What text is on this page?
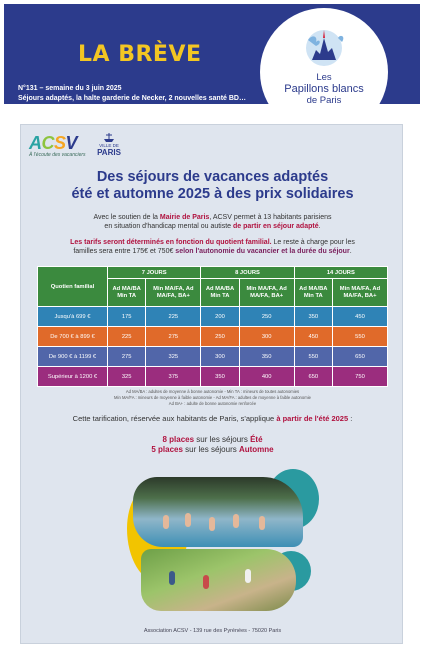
LA BRÈVE
N°131 – semaine du 3 juin 2025
Séjours adaptés, la halte garderie de Necker, 2 nouvelles santé BD…
Les
Papillons blancs
de Paris
ACSV
À l'écoute des vacanciers
VILLE DE
PARIS
Des séjours de vacances adaptés
été et automne 2025 à des prix solidaires
Avec le soutien de la Mairie de Paris, ACSV permet à 13 habitants parisiens
en situation d'handicap mental ou autiste de partir en séjour adapté.
Les tarifs seront déterminés en fonction du quotient familial. Le reste à charge pour les
familles sera entre 175€ et 750€ selon l'autonomie du vacancier et la durée du séjour.
Quotien familial	7 JOURS		8 JOURS		14 JOURS	
	Ad MA/BA Min TA	Min MA/FA, Ad MA/FA, BA+	Ad MA/BA Min TA	Min MA/FA, Ad MA/FA, BA+	Ad MA/BA Min TA	Min MA/FA, Ad MA/FA, BA+
Jusqu'à 699 €	175	225	200	250	350	450
De 700 € à 899 €	225	275	250	300	450	550
De 900 € à 1199 €	275	325	300	350	550	650
Supérieur à 1200 €	325	375	350	400	650	750
Ad MA/BA : adultes de moyenne à bonne autonomie - Min TA : mineurs de toutes autonomies
Min MA/FA : mineurs de moyenne à faible autonomie - Ad MA/FA : adultes de moyenne à faible autonomie
Ad BA+ : adulte de bonne autonomie renforcée
Cette tarification, réservée aux habitants de Paris, s'applique à partir de l'été 2025 :
8 places sur les séjours Été
5 places sur les séjours Automne
Association ACSV - 139 rue des Pyrénées - 75020 Paris
